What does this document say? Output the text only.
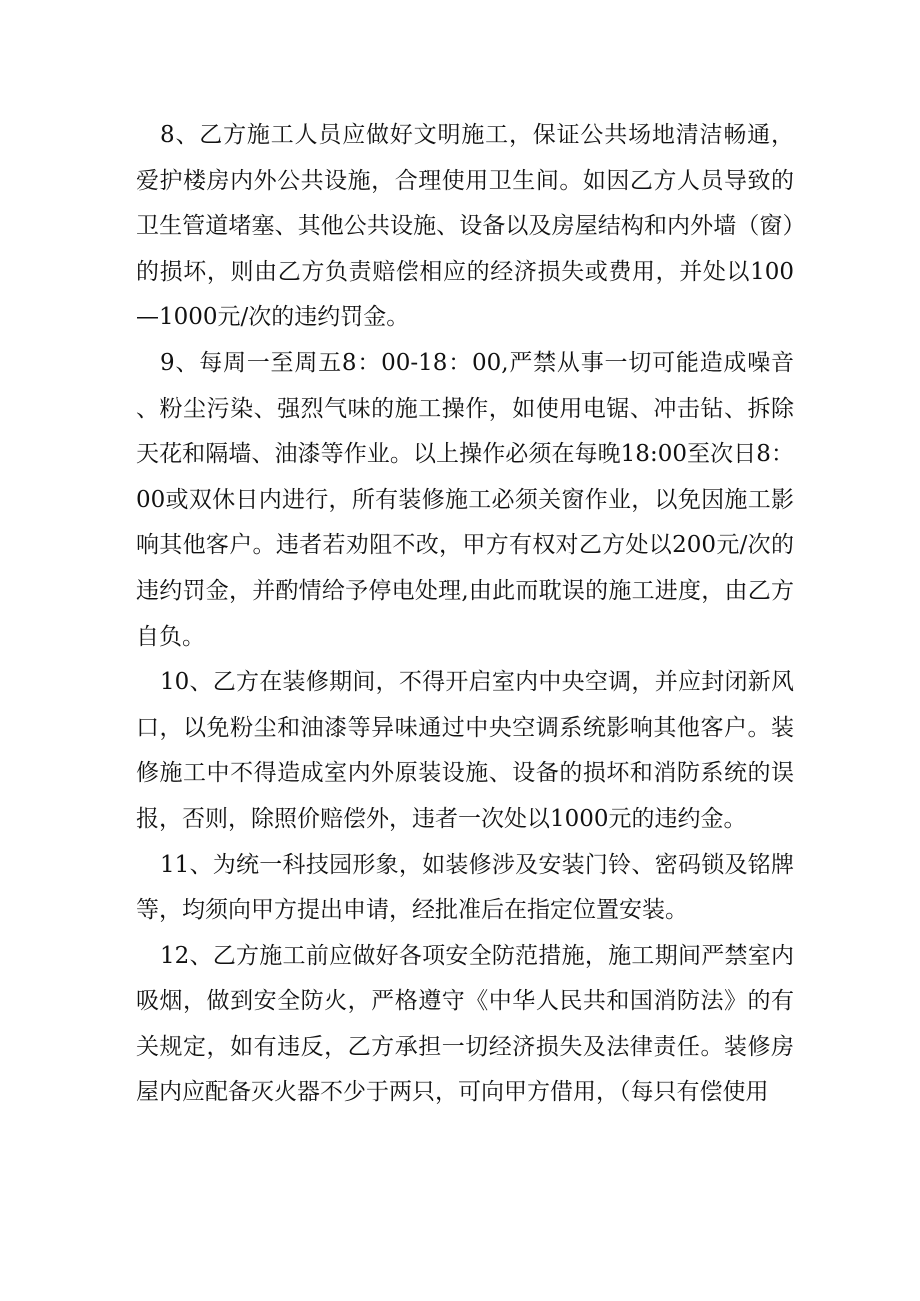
8、乙方施工人员应做好文明施工，保证公共场地清洁畅通，爱护楼房内外公共设施，合理使用卫生间。如因乙方人员导致的卫生管道堵塞、其他公共设施、设备以及房屋结构和内外墙（窗）的损坏，则由乙方负责赔偿相应的经济损失或费用，并处以100—1000元/次的违约罚金。

9、每周一至周五8：00-18：00,严禁从事一切可能造成噪音、粉尘污染、强烈气味的施工操作，如使用电锯、冲击钻、拆除天花和隔墙、油漆等作业。以上操作必须在每晚18:00至次日8：00或双休日内进行，所有装修施工必须关窗作业，以免因施工影响其他客户。违者若劝阻不改，甲方有权对乙方处以200元/次的违约罚金，并酌情给予停电处理,由此而耽误的施工进度，由乙方自负。

10、乙方在装修期间，不得开启室内中央空调，并应封闭新风口，以免粉尘和油漆等异味通过中央空调系统影响其他客户。装修施工中不得造成室内外原装设施、设备的损坏和消防系统的误报，否则，除照价赔偿外，违者一次处以1000元的违约金。

11、为统一科技园形象，如装修涉及安装门铃、密码锁及铭牌等，均须向甲方提出申请，经批准后在指定位置安装。

12、乙方施工前应做好各项安全防范措施，施工期间严禁室内吸烟，做到安全防火，严格遵守《中华人民共和国消防法》的有关规定，如有违反，乙方承担一切经济损失及法律责任。装修房屋内应配备灭火器不少于两只，可向甲方借用，（每只有偿使用
